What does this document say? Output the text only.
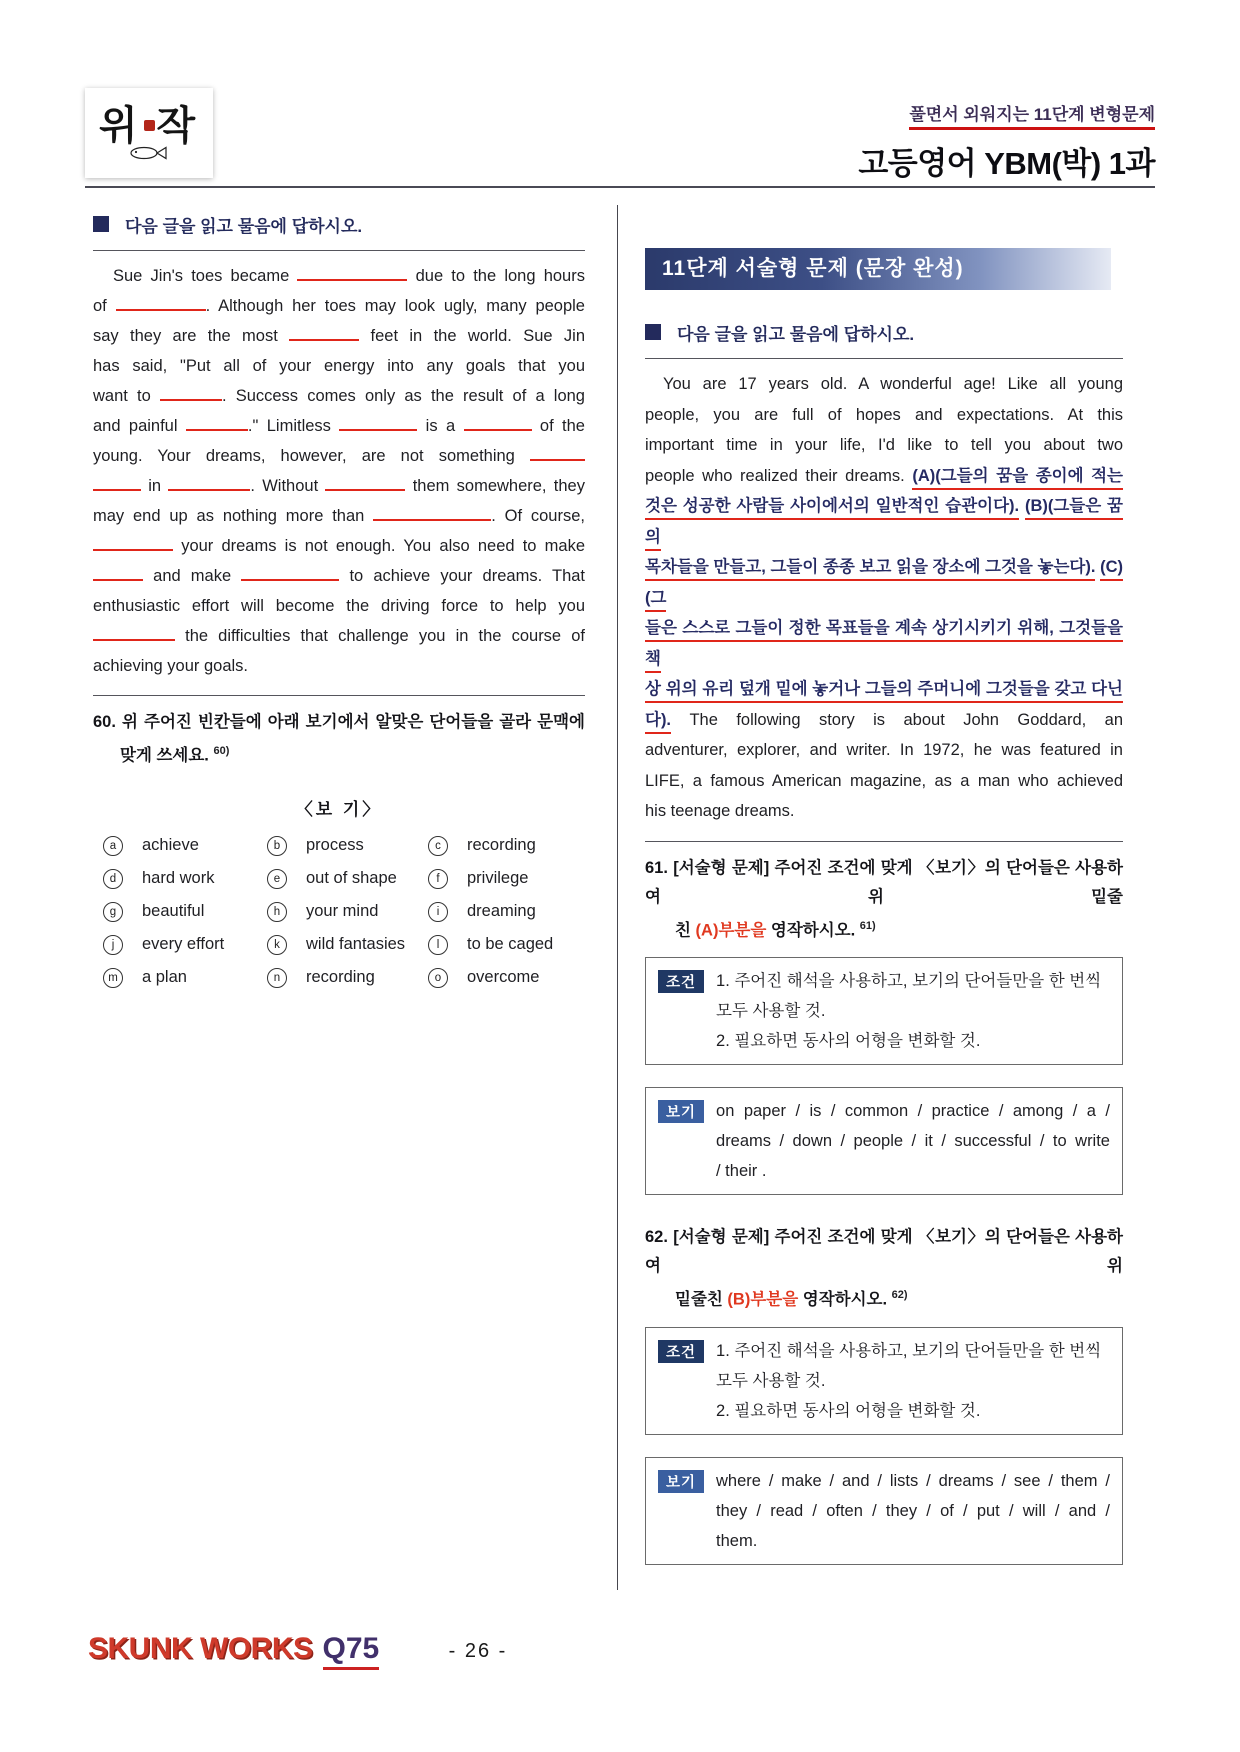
위 작	풀면서 외워지는 11단계 변형문제
고등영어 YBM(박) 1과
다음 글을 읽고 물음에 답하시오.
Sue Jin's toes became	due to the long hours
of	. Although her toes may look ugly, many people
say they are the most	feet in the world. Sue Jin
has said, "Put all of your energy into any goals that you
want to	. Success comes only as the result of a long
and painful	." Limitless	is a	of the
young. Your dreams, however, are not something
in	. Without	them somewhere, they
may end up as nothing more than	. Of course,
your dreams is not enough. You also need to make
and make	to achieve your dreams. That
enthusiastic effort will become the driving force to help you
the difficulties that challenge you in the course of
achieving your goals.
60. 위 주어진 빈칸들에 아래 보기에서 알맞은 단어들을 골라 문맥에
맞게 쓰세요. $^{60)}$
〈보 기〉
a	achieve	b	process	c	recording
d	hard work	e	out of shape	f	privilege
g	beautiful	h	your mind	i	dreaming
j	every effort	k	wild fantasies	l	to be caged
m	a plan	n	recording	o	overcome
11단계 서술형 문제 (문장 완성)
다음 글을 읽고 물음에 답하시오.
You are 17 years old. A wonderful age! Like all young
people, you are full of hopes and expectations. At this
important time in your life, I'd like to tell you about two
people who realized their dreams. (A)(그들의 꿈을 종이에 적는
것은 성공한 사람들 사이에서의 일반적인 습관이다). (B)(그들은 꿈의
목차들을 만들고, 그들이 종종 보고 읽을 장소에 그것을 놓는다). (C)(그
들은 스스로 그들이 정한 목표들을 계속 상기시키기 위해, 그것들을 책
상 위의 유리 덮개 밑에 놓거나 그들의 주머니에 그것들을 갖고 다닌
다). The following story is about John Goddard, an
adventurer, explorer, and writer. In 1972, he was featured in
LIFE, a famous American magazine, as a man who achieved
his teenage dreams.
61. [서술형 문제] 주어진 조건에 맞게 〈보기〉의 단어들은 사용하여 위 밑줄
친 (A)부분을 영작하시오. $^{61)}$
조건	1. 주어진 해석을 사용하고, 보기의 단어들만을 한 번씩 모두 사용할 것.
2. 필요하면 동사의 어형을 변화할 것.
보기	on paper / is / common / practice / among / a /
dreams / down / people / it / successful / to write
/ their .
62. [서술형 문제] 주어진 조건에 맞게 〈보기〉의 단어들은 사용하여 위
밑줄친 (B)부분을 영작하시오. $^{62)}$
조건	1. 주어진 해석을 사용하고, 보기의 단어들만을 한 번씩 모두 사용할 것.
2. 필요하면 동사의 어형을 변화할 것.
보기	where / make / and / lists / dreams / see / them /
they / read / often / they / of / put / will / and /
them.
SKUNK WORKS Q75	- 26 -
